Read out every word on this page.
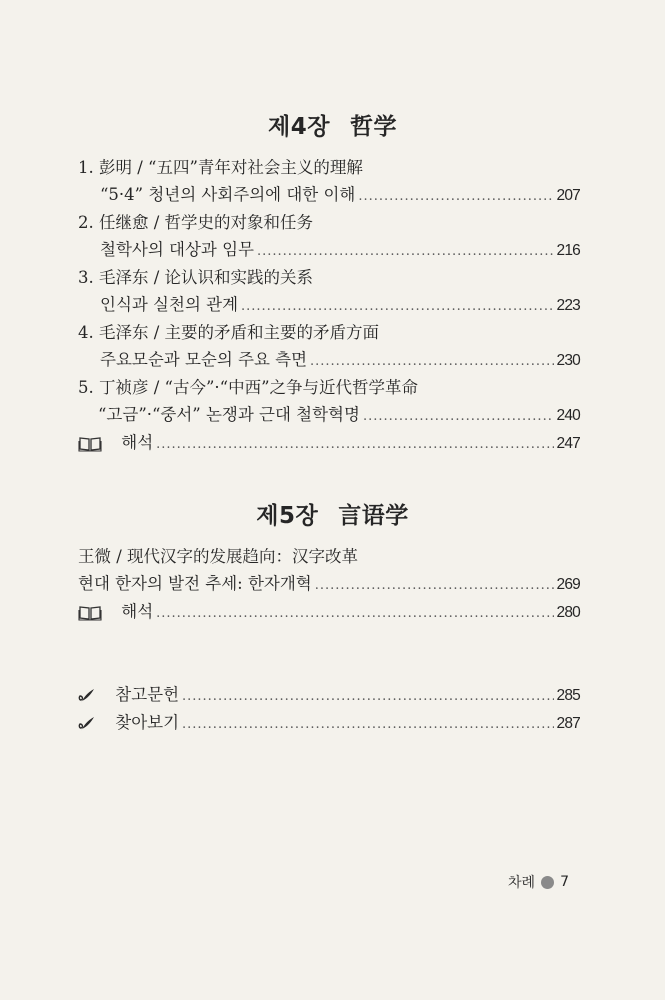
제4장 哲学
1. 彭明 / “五四”青年对社会主义的理解
“5·4” 청년의 사회주의에 대한 이해 .....	207
2. 任继愈 / 哲学史的对象和任务
철학사의 대상과 임무 .....	216
3. 毛泽东 / 论认识和实践的关系
인식과 실천의 관계 .....	223
4. 毛泽东 / 主要的矛盾和主要的矛盾方面
주요모순과 모순의 주요 측면 .....	230
5. 丁祯彦 / “古今”·“中西”之争与近代哲学革命
“고금”·“중서” 논쟁과 근대 철학혁명 .....	240
해석 .....	247
제5장 言语学
王微 / 现代汉字的发展趋向：汉字改革
현대 한자의 발전 추세: 한자개혁 .....	269
해석 .....	280
참고문헌 .....	285
찾아보기 .....	287
차례 7
